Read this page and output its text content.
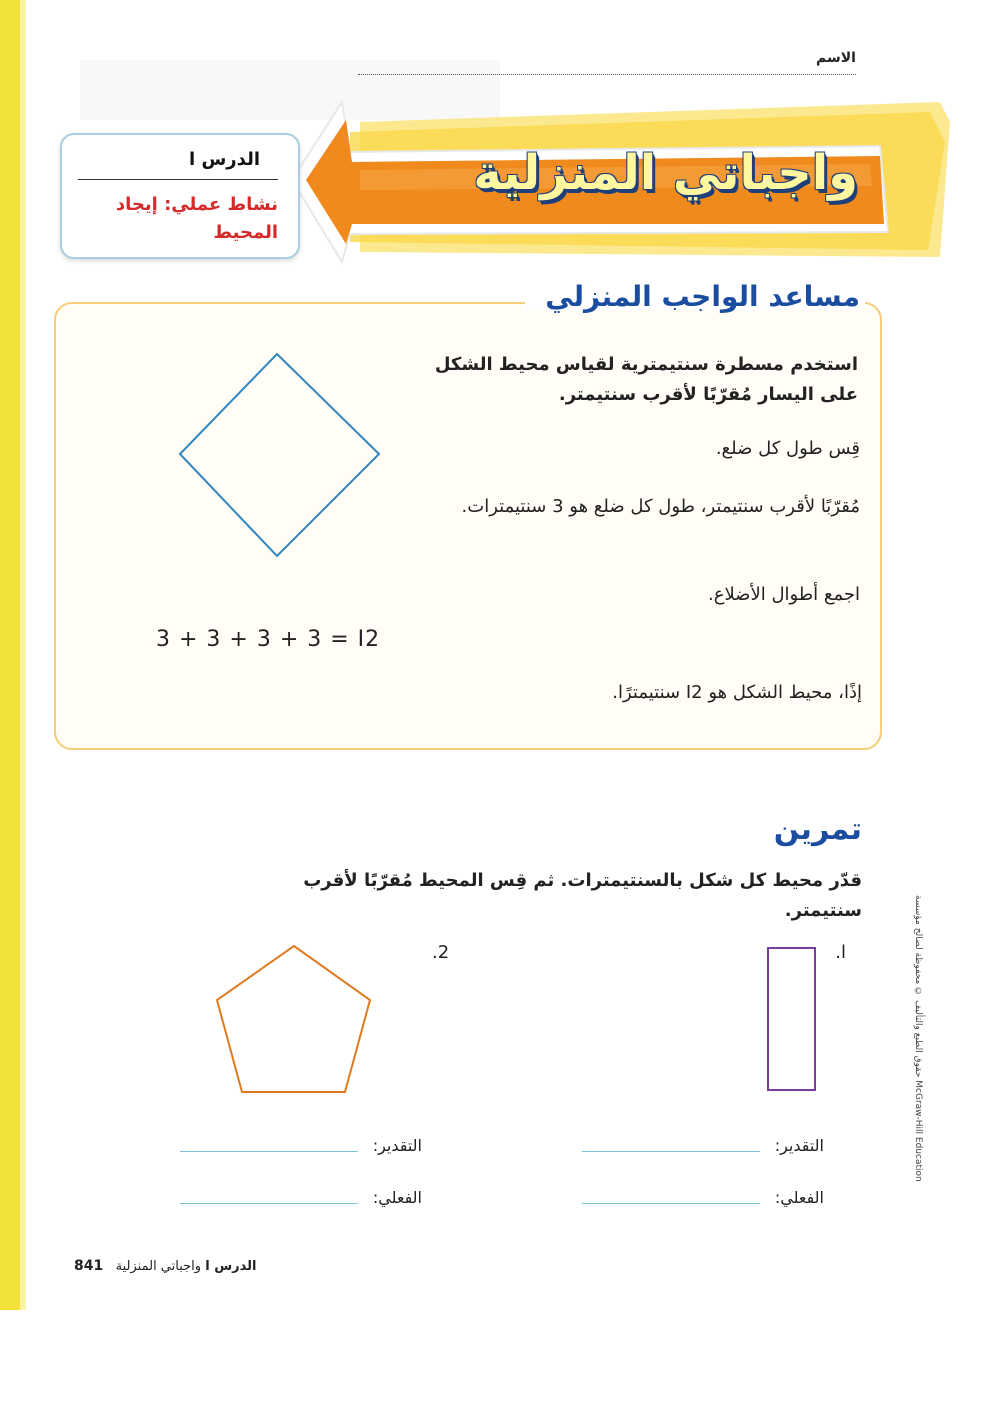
الاسم
واجباتي المنزلية
الدرس ا
نشاط عملي: إيجاد المحيط
مساعد الواجب المنزلي
استخدم مسطرة سنتيمترية لقياس محيط الشكل على اليسار مُقرّبًا لأقرب سنتيمتر.
قِس طول كل ضلع.
مُقرّبًا لأقرب سنتيمتر، طول كل ضلع هو 3 سنتيمترات.
اجمع أطوال الأضلاع.
3 + 3 + 3 + 3 = I2
إذًا، محيط الشكل هو I2 سنتيمترًا.
تمرين
قدّر محيط كل شكل بالسنتيمترات. ثم قِس المحيط مُقرّبًا لأقرب سنتيمتر.
.ا
.2
التقدير:
الفعلي:
التقدير:
الفعلي:
الدرس ا واجباتي المنزلية   841
حقوق الطبع والتأليف © محفوظة لصالح مؤسسة McGraw-Hill Education
